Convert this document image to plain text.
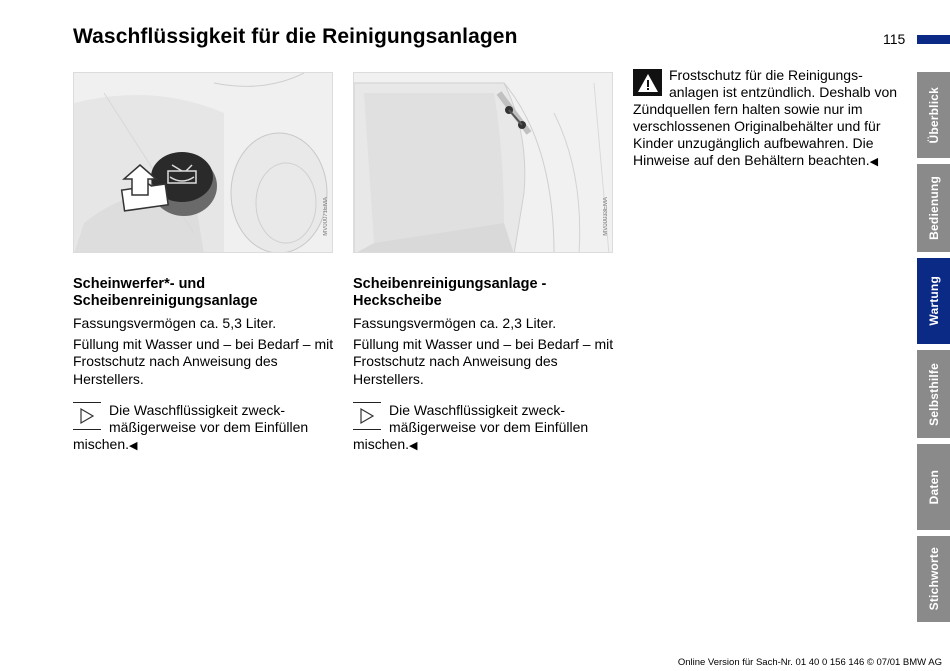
Waschflüssigkeit für die Reinigungsanlagen	115
MV00071EMA	MV00033EMA
Scheinwerfer*- und Scheibenreinigungsanlage

Fassungsvermögen ca. 5,3 Liter.

Füllung mit Wasser und – bei Bedarf – mit Frostschutz nach Anweisung des Herstellers.

Die Waschflüssigkeit zweck-mäßigerweise vor dem Einfüllen mischen.◀
Scheibenreinigungsanlage - Heckscheibe

Fassungsvermögen ca. 2,3 Liter.

Füllung mit Wasser und – bei Bedarf – mit Frostschutz nach Anweisung des Herstellers.

Die Waschflüssigkeit zweck-mäßigerweise vor dem Einfüllen mischen.◀
Frostschutz für die Reinigungs-anlagen ist entzündlich. Deshalb von Zündquellen fern halten sowie nur im verschlossenen Originalbehälter und für Kinder unzugänglich aufbewahren. Die Hinweise auf den Behältern beachten.◀
Überblick
Bedienung
Wartung
Selbsthilfe
Daten
Stichworte
Online Version für Sach-Nr. 01 40 0 156 146 © 07/01 BMW AG
